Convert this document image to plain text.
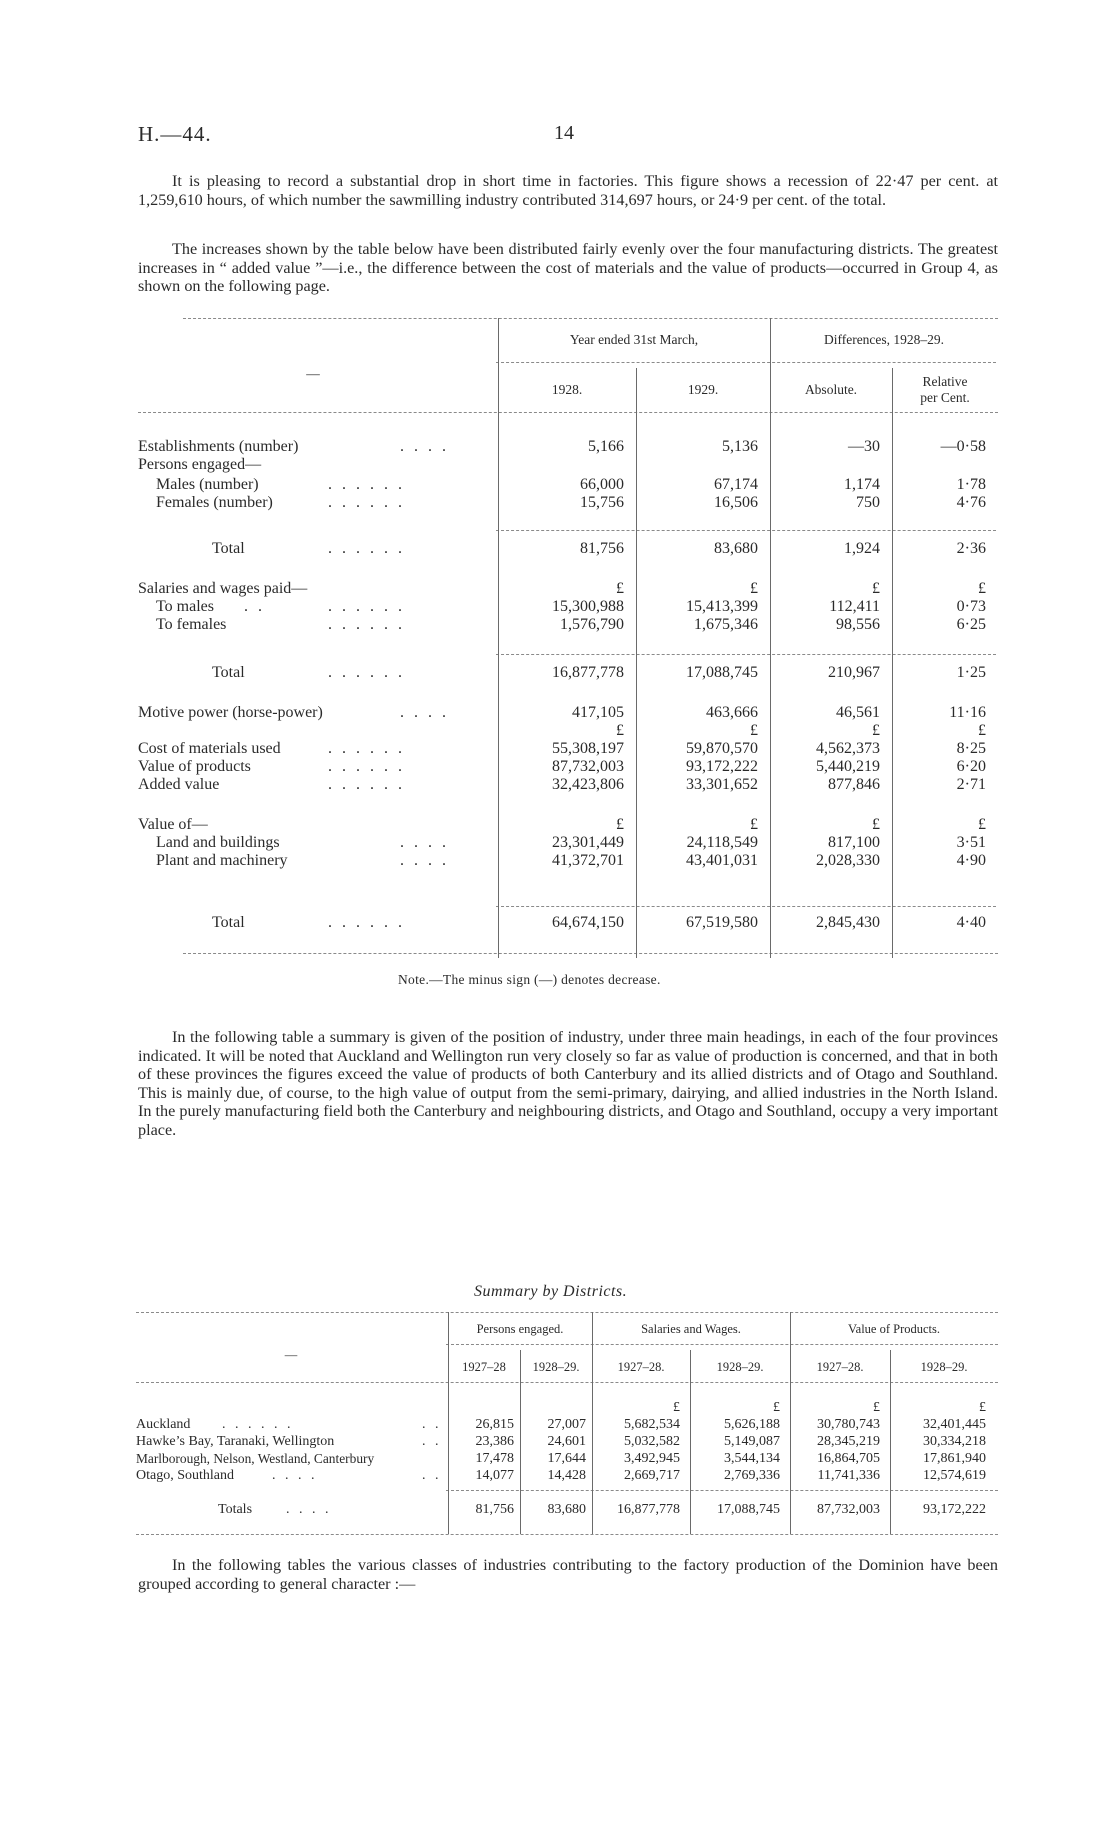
H.—44.	14

It is pleasing to record a substantial drop in short time in factories. This figure shows a recession of 22·47 per cent. at 1,259,610 hours, of which number the sawmilling industry contributed 314,697 hours, or 24·9 per cent. of the total.

The increases shown by the table below have been distributed fairly evenly over the four manufacturing districts. The greatest increases in “ added value ”—i.e., the difference between the cost of materials and the value of products—occurred in Group 4, as shown on the following page.

—
Year ended 31st March,	Differences, 1928–29.
1928.	1929.	Absolute.
Relative
per Cent.
Establishments (number)	. . . .	5,166	5,136	—30	—0·58
Persons engaged—
Males (number)	. . . . . .	66,000	67,174	1,174	1·78
Females (number)	. . . . . .	15,756	16,506	750	4·76
Total	. . . . . .	81,756	83,680	1,924	2·36
Salaries and wages paid—	£	£	£	£
To males . .	. . . . . .	15,300,988	15,413,399	112,411	0·73
To females	. . . . . .	1,576,790	1,675,346	98,556	6·25
Total	. . . . . .	16,877,778	17,088,745	210,967	1·25
Motive power (horse-power)	. . . .	417,105	463,666	46,561	11·16
£	£	£	£
Cost of materials used	. . . . . .	55,308,197	59,870,570	4,562,373	8·25
Value of products	. . . . . .	87,732,003	93,172,222	5,440,219	6·20
Added value	. . . . . .	32,423,806	33,301,652	877,846	2·71
Value of—	£	£	£	£
Land and buildings	. . . .	23,301,449	24,118,549	817,100	3·51
Plant and machinery	. . . .	41,372,701	43,401,031	2,028,330	4·90
Total	. . . . . .	64,674,150	67,519,580	2,845,430	4·40
Note.—The minus sign (—) denotes decrease.

In the following table a summary is given of the position of industry, under three main headings, in each of the four provinces indicated. It will be noted that Auckland and Wellington run very closely so far as value of production is concerned, and that in both of these provinces the figures exceed the value of products of both Canterbury and its allied districts and of Otago and Southland. This is mainly due, of course, to the high value of output from the semi-primary, dairying, and allied industries in the North Island. In the purely manufacturing field both the Canterbury and neighbouring districts, and Otago and Southland, occupy a very important place.

Summary by Districts.
—
Persons engaged.	Salaries and Wages.	Value of Products.
1927–28	1928–29.	1927–28.	1928–29.	1927–28.	1928–29.
£	£	£	£
Auckland . . . . . .	. .	26,815	27,007	5,682,534	5,626,188	30,780,743	32,401,445
Hawke’s Bay, Taranaki, Wellington	. .	23,386	24,601	5,032,582	5,149,087	28,345,219	30,334,218
Marlborough, Nelson, Westland, Canterbury	17,478	17,644	3,492,945	3,544,134	16,864,705	17,861,940
Otago, Southland	. . . .	. .	14,077	14,428	2,669,717	2,769,336	11,741,336	12,574,619
Totals . . . .	81,756	83,680	16,877,778	17,088,745	87,732,003	93,172,222

In the following tables the various classes of industries contributing to the factory production of the Dominion have been grouped according to general character :—
